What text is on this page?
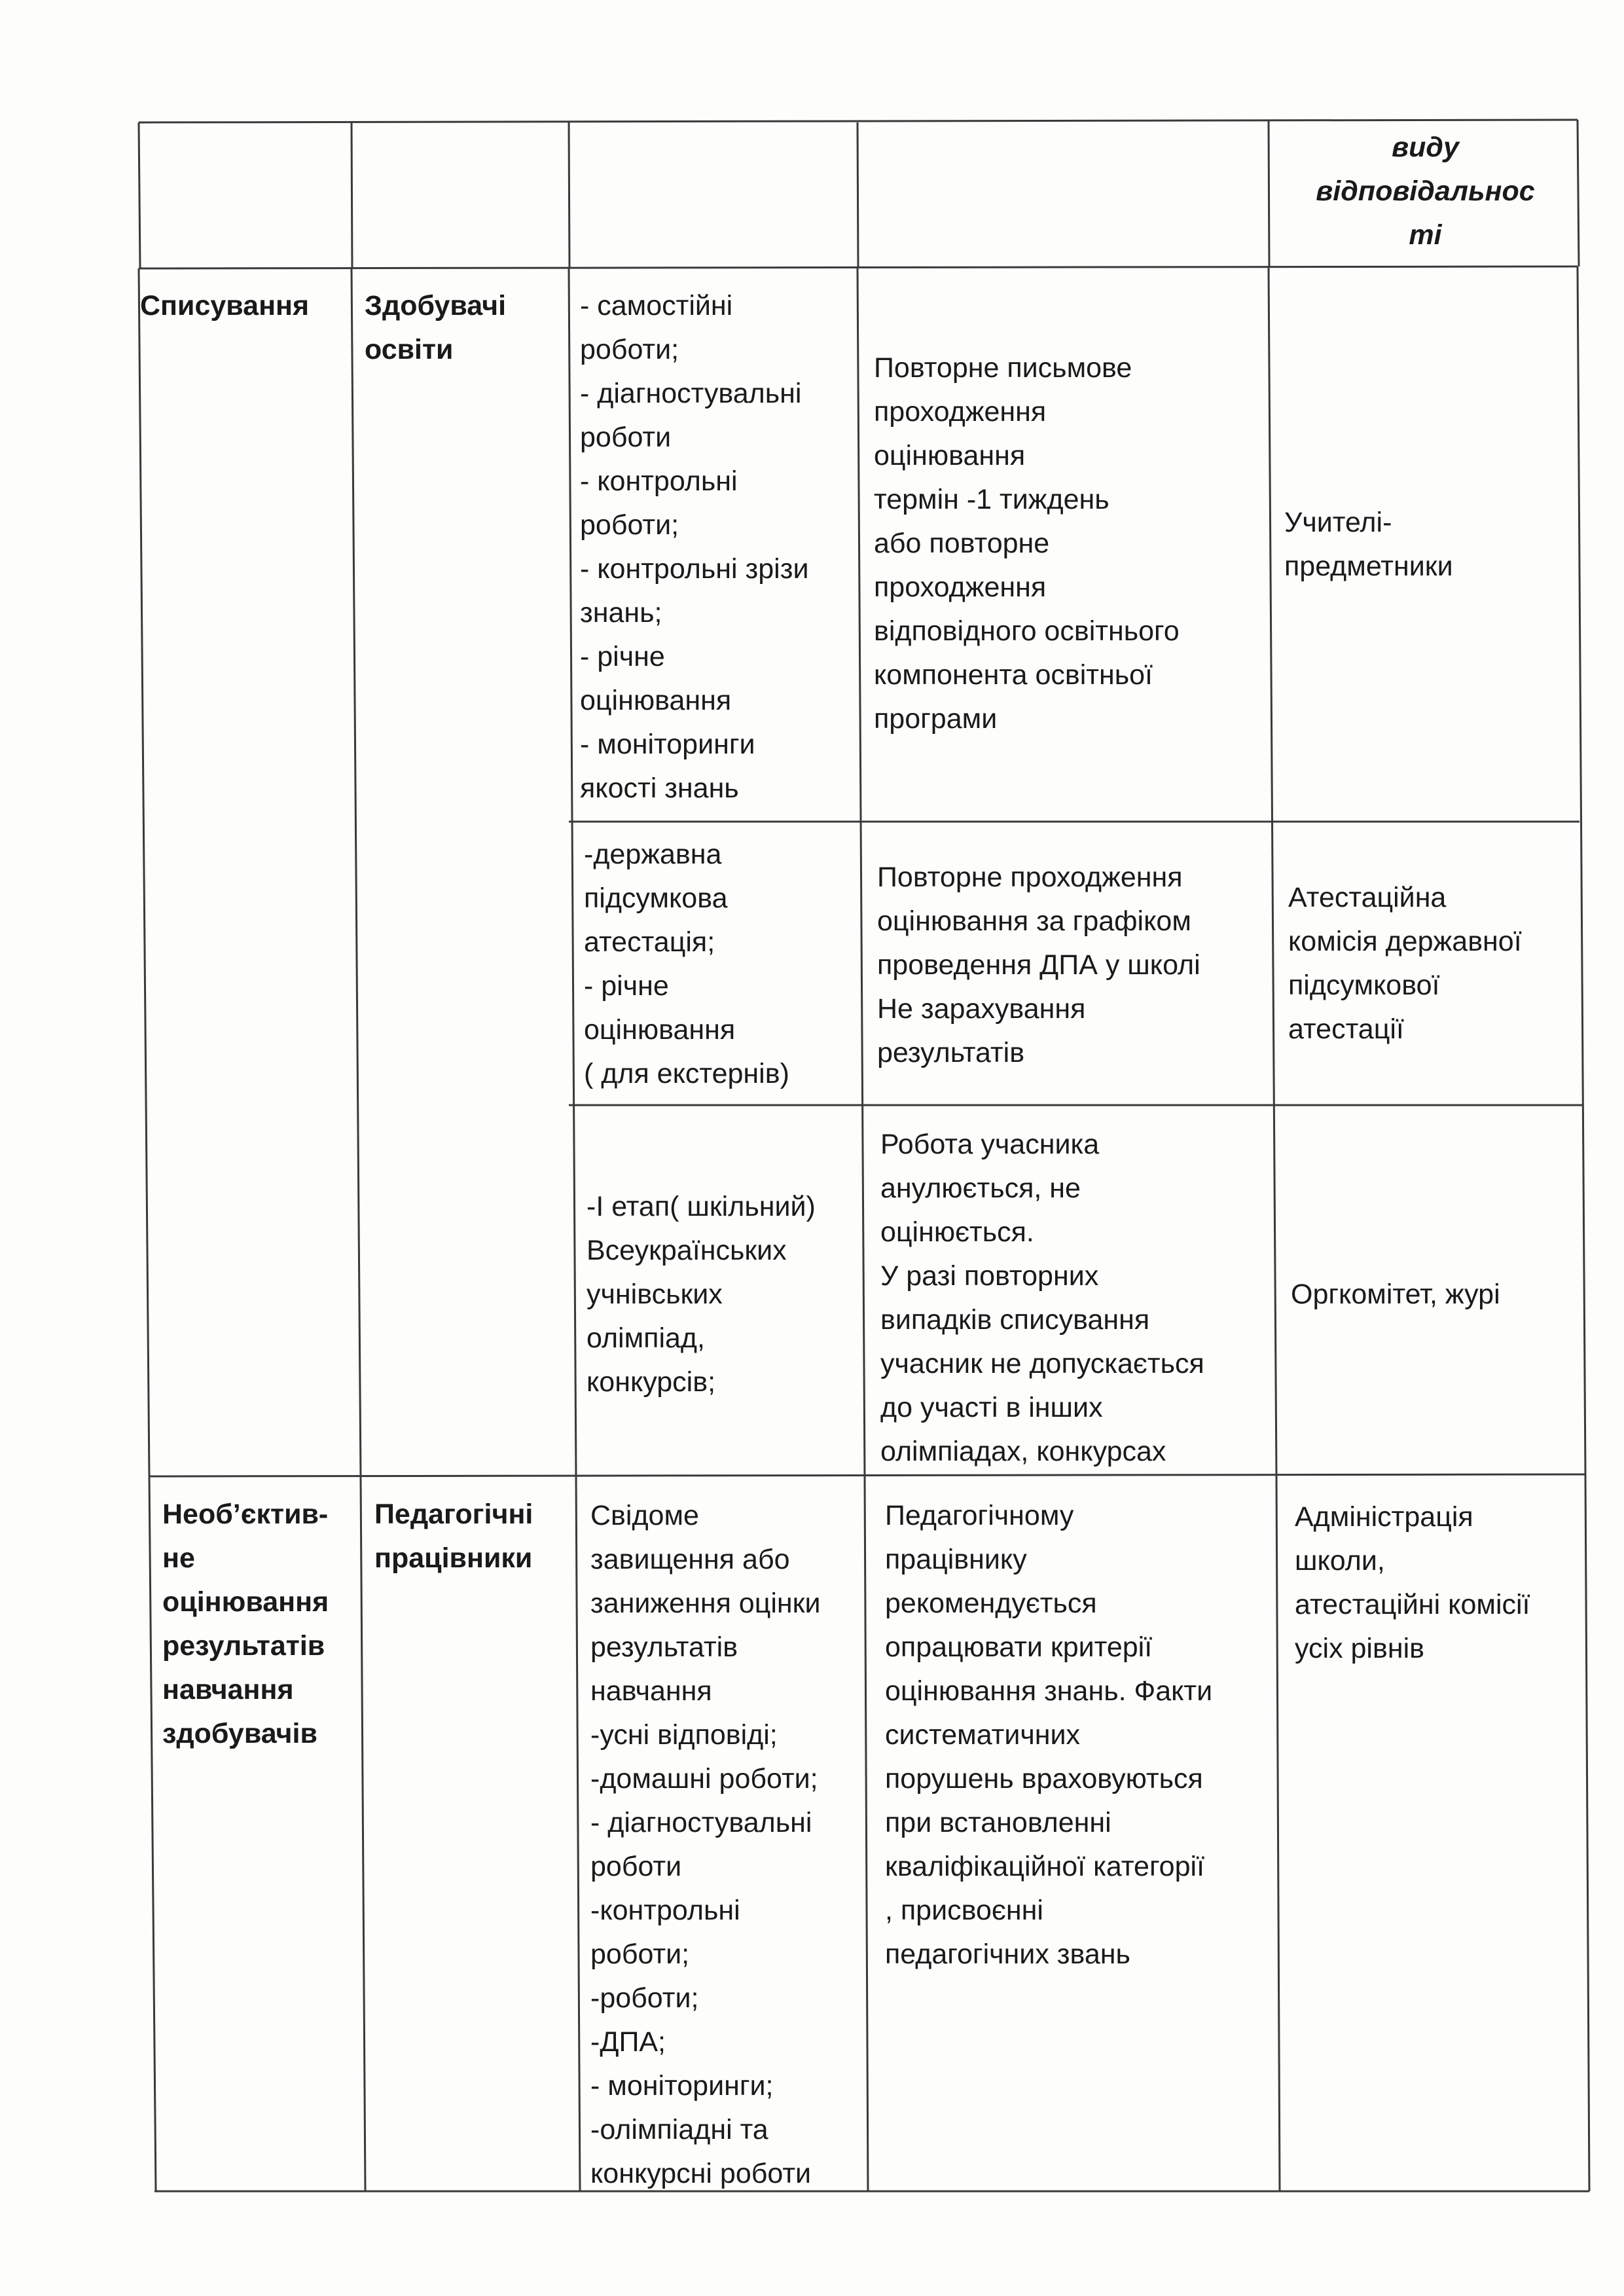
виду
відповідальнос
ті
Списування Здобувачі
освіти
- самостійні
роботи;
- діагностувальні
роботи
- контрольні
роботи;
- контрольні зрізи
знань;
- річне
оцінювання
- моніторинги
якості знань
Повторне письмове
проходження
оцінювання
термін -1 тиждень
або повторне
проходження
відповідного освітнього
компонента освітньої
програми
Учителі-
предметники
-державна
підсумкова
атестація;
- річне
оцінювання
( для екстернів)
Повторне проходження
оцінювання за графіком
проведення ДПА у школі
Не зарахування
результатів
Атестаційна
комісія державної
підсумкової
атестації
-І етап( шкільний)
Всеукраїнських
учнівських
олімпіад,
конкурсів;
Робота учасника
анулюється, не
оцінюється.
У разі повторних
випадків списування
учасник не допускається
до участі в інших
олімпіадах, конкурсах
Оргкомітет, журі
Необ’єктив-
не
оцінювання
результатів
навчання
здобувачів
Педагогічні
працівники
Свідоме
завищення або
заниження оцінки
результатів
навчання
-усні відповіді;
-домашні роботи;
- діагностувальні
роботи
-контрольні
роботи;
-роботи;
-ДПА;
- моніторинги;
-олімпіадні та
конкурсні роботи
Педагогічному
працівнику
рекомендується
опрацювати критерії
оцінювання знань. Факти
систематичних
порушень враховуються
при встановленні
кваліфікаційної категорії
, присвоєнні
педагогічних звань
Адміністрація
школи,
атестаційні комісії
усіх рівнів
